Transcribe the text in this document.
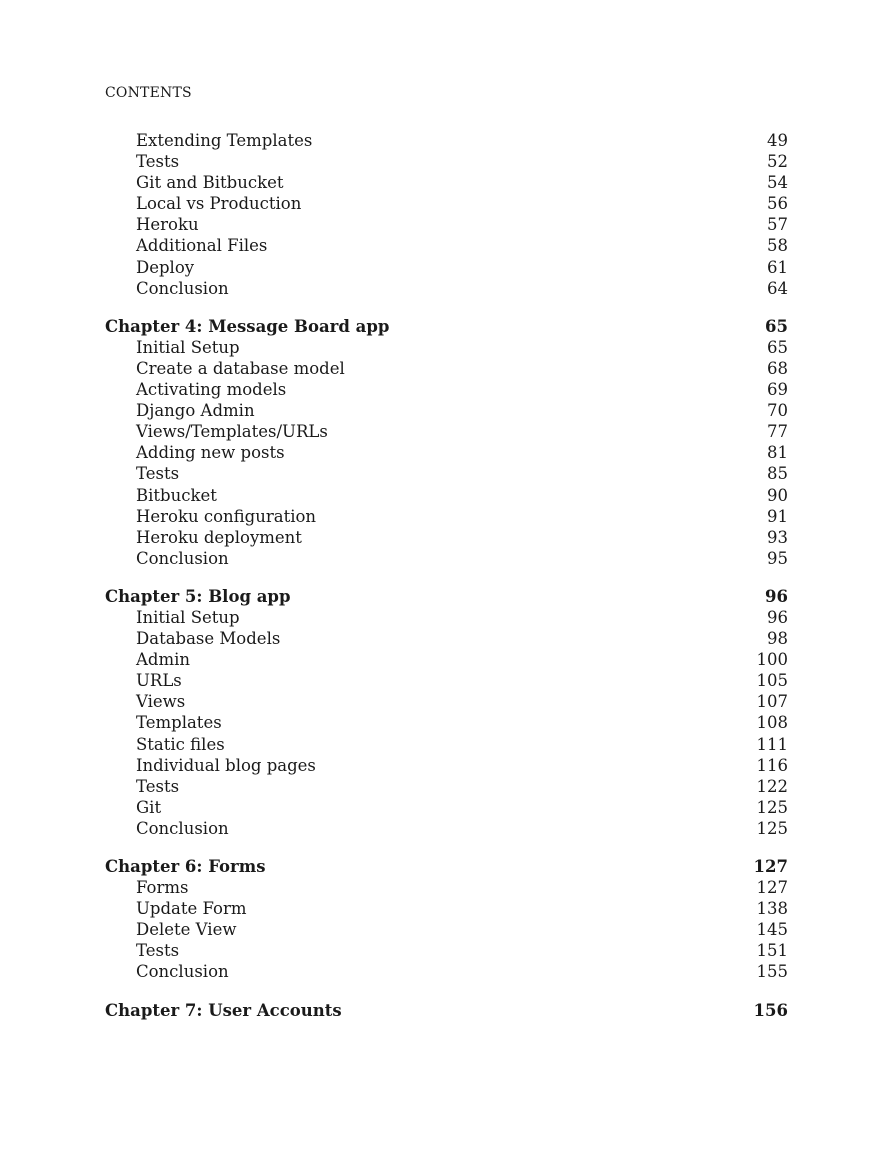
CONTENTS
Extending Templates	49
Tests	52
Git and Bitbucket	54
Local vs Production	56
Heroku	57
Additional Files	58
Deploy	61
Conclusion	64
Chapter 4: Message Board app	65
Initial Setup	65
Create a database model	68
Activating models	69
Django Admin	70
Views/Templates/URLs	77
Adding new posts	81
Tests	85
Bitbucket	90
Heroku configuration	91
Heroku deployment	93
Conclusion	95
Chapter 5: Blog app	96
Initial Setup	96
Database Models	98
Admin	100
URLs	105
Views	107
Templates	108
Static files	111
Individual blog pages	116
Tests	122
Git	125
Conclusion	125
Chapter 6: Forms	127
Forms	127
Update Form	138
Delete View	145
Tests	151
Conclusion	155
Chapter 7: User Accounts	156
